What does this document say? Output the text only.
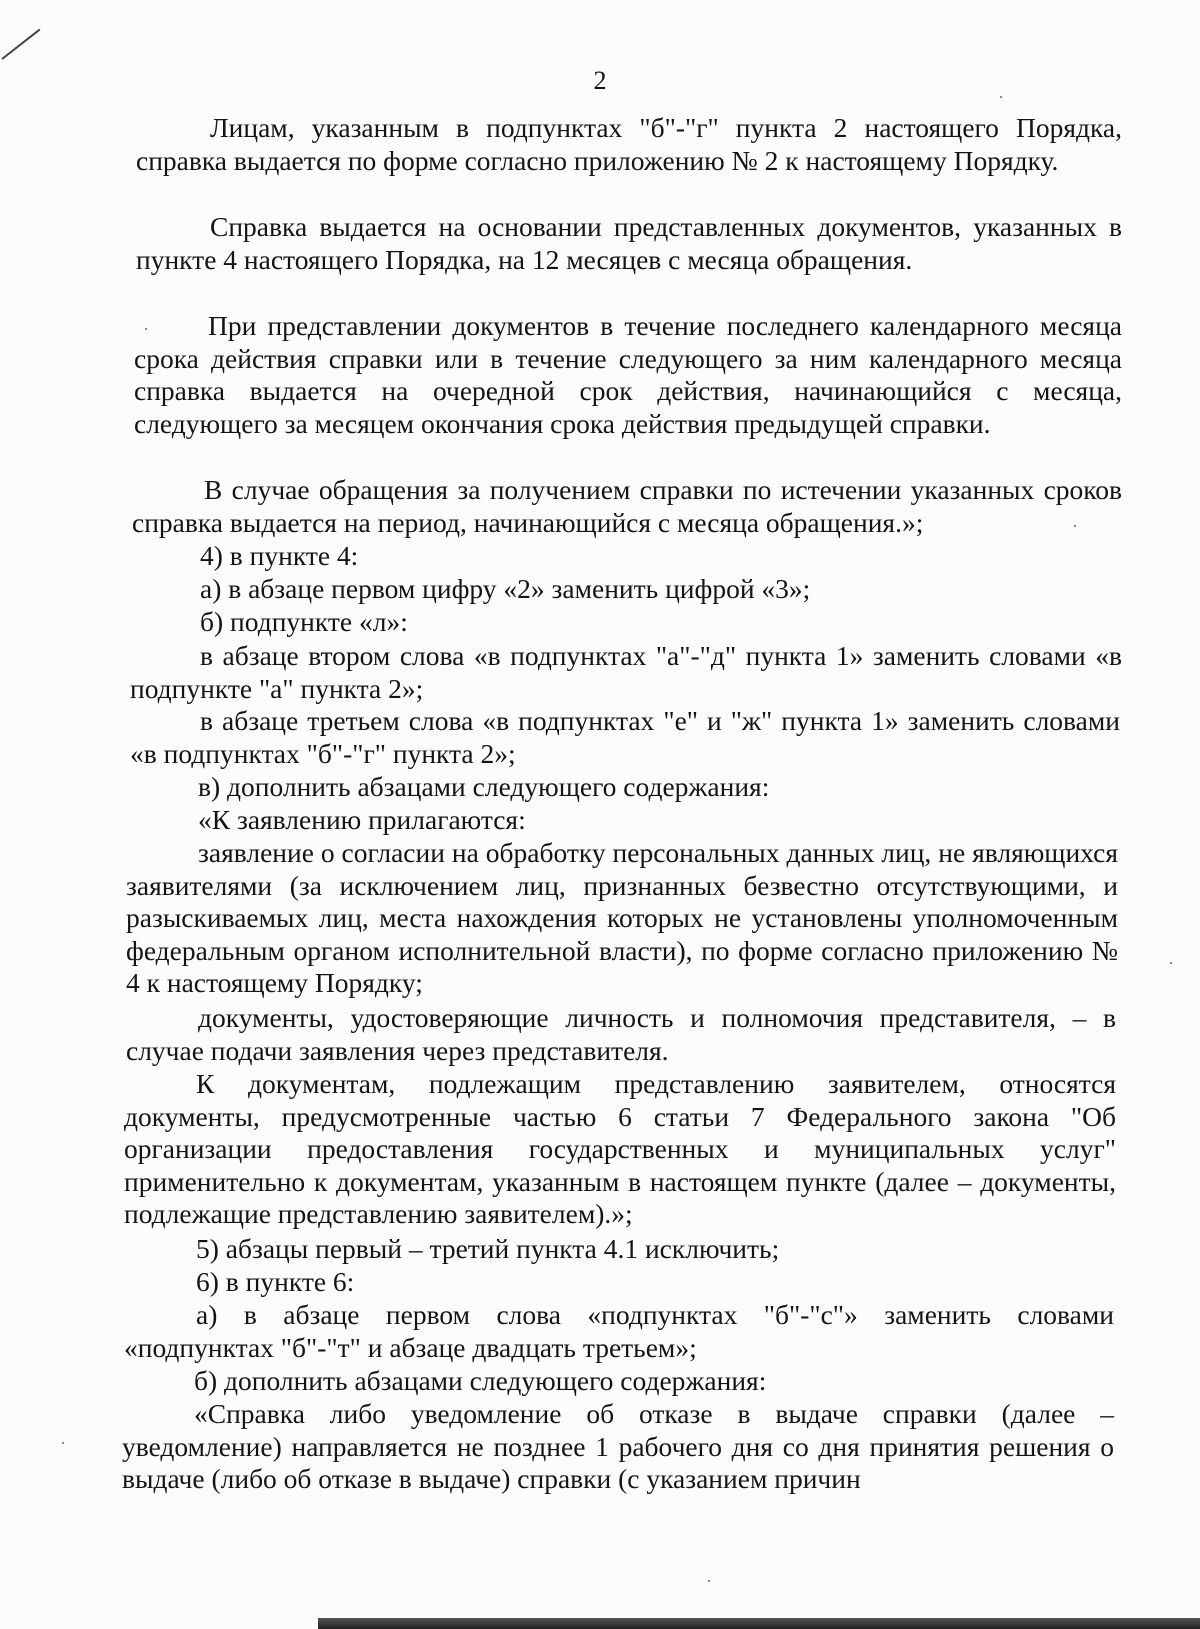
2

Лицам, указанным в подпунктах "б"-"г" пункта 2 настоящего Порядка, справка выдается по форме согласно приложению № 2 к настоящему Порядку.

Справка выдается на основании представленных документов, указанных в пункте 4 настоящего Порядка, на 12 месяцев с месяца обращения.

При представлении документов в течение последнего календарного месяца срока действия справки или в течение следующего за ним календарного месяца справка выдается на очередной срок действия, начинающийся с месяца, следующего за месяцем окончания срока действия предыдущей справки.

В случае обращения за получением справки по истечении указанных сроков справка выдается на период, начинающийся с месяца обращения.»;

4) в пункте 4:

а) в абзаце первом цифру «2» заменить цифрой «3»;

б) подпункте «л»:

в абзаце втором слова «в подпунктах "а"-"д" пункта 1» заменить словами «в подпункте "а" пункта 2»;

в абзаце третьем слова «в подпунктах "е" и "ж" пункта 1» заменить словами «в подпунктах "б"-"г" пункта 2»;

в) дополнить абзацами следующего содержания:

«К заявлению прилагаются:

заявление о согласии на обработку персональных данных лиц, не являющихся заявителями (за исключением лиц, признанных безвестно отсутствующими, и разыскиваемых лиц, места нахождения которых не установлены уполномоченным федеральным органом исполнительной власти), по форме согласно приложению № 4 к настоящему Порядку;

документы, удостоверяющие личность и полномочия представителя, – в случае подачи заявления через представителя.

К документам, подлежащим представлению заявителем, относятся документы, предусмотренные частью 6 статьи 7 Федерального закона "Об организации предоставления государственных и муниципальных услуг" применительно к документам, указанным в настоящем пункте (далее – документы, подлежащие представлению заявителем).»;

5) абзацы первый – третий пункта 4.1 исключить;

6) в пункте 6:

а) в абзаце первом слова «подпунктах "б"-"с"» заменить словами «подпунктах "б"-"т" и абзаце двадцать третьем»;

б) дополнить абзацами следующего содержания:

«Справка либо уведомление об отказе в выдаче справки (далее – уведомление) направляется не позднее 1 рабочего дня со дня принятия решения о выдаче (либо об отказе в выдаче) справки (с указанием причин
